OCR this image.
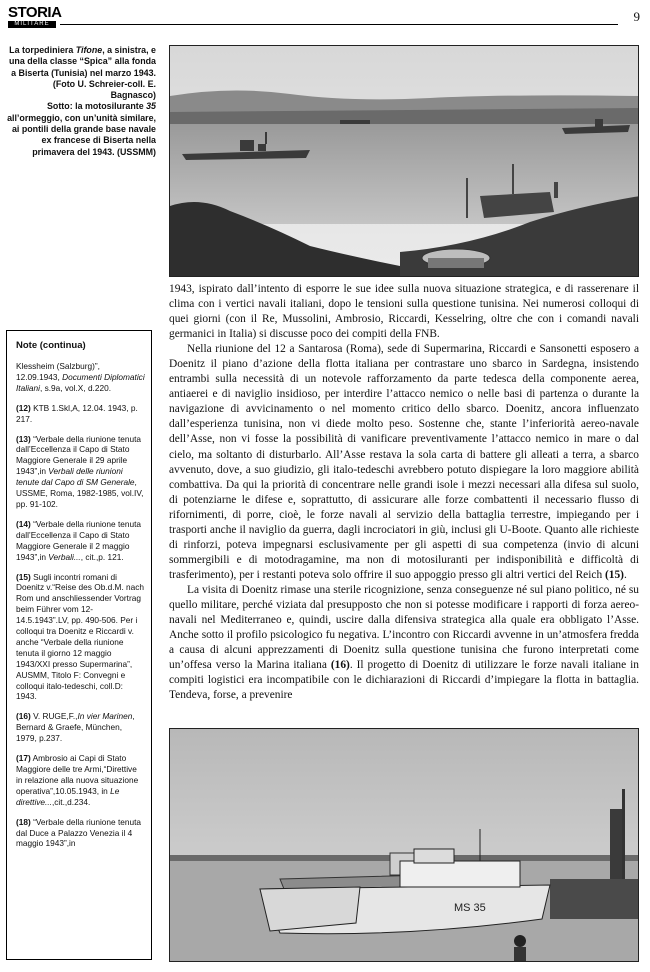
STORIA
MILITARE	9
La torpediniera Tifone, a sinistra, e una della classe “Spica” alla fonda a Biserta (Tunisia) nel marzo 1943. (Foto U. Schreier-coll. E. Bagnasco)
Sotto: la motosilurante 35 all’ormeggio, con un’unità similare, ai pontili della grande base navale ex francese di Biserta nella primavera del 1943. (USSMM)
Note (continua)
Klessheim (Salzburg)”, 12.09.1943, Documenti Diplomatici Italiani, s.9a, vol.X, d.220.
(12) KTB 1.Skl,A, 12.04. 1943, p. 217.
(13) “Verbale della riunione tenuta dall’Eccellenza il Capo di Stato Maggiore Generale il 29 aprile 1943”,in Verbali delle riunioni tenute dal Capo di SM Generale, USSME, Roma, 1982-1985, vol.IV, pp. 91-102.
(14) “Verbale della riunione tenuta dall’Eccellenza il Capo di Stato Maggiore Generale il 2 maggio 1943”,in Verbali..., cit.,p. 121.
(15) Sugli incontri romani di Doenitz v.“Reise des Ob.d.M. nach Rom und anschliessender Vortrag beim Führer vom 12-14.5.1943”.LV, pp. 490-506. Per i colloqui tra Doenitz e Riccardi v. anche “Verbale della riunione tenuta il giorno 12 maggio 1943/XXI presso Supermarina”, AUSMM, Titolo F: Convegni e colloqui italo-tedeschi, coll.D: 1943.
(16) V. RUGE,F.,In vier Marinen, Bernard & Graefe, München, 1979, p.237.
(17) Ambrosio ai Capi di Stato Maggiore delle tre Armi,“Direttive in relazione alla nuova situazione operativa”,10.05.1943, in Le direttive...,cit.,d.234.
(18) “Verbale della riunione tenuta dal Duce a Palazzo Venezia il 4 maggio 1943”,in

1943, ispirato dall’intento di esporre le sue idee sulla nuova situazione strategica, e di rasserenare il clima con i vertici navali italiani, dopo le tensioni sulla questione tunisina. Nei numerosi colloqui di quei giorni (con il Re, Mussolini, Ambrosio, Riccardi, Kesselring, oltre che con i comandi navali germanici in Italia) si discusse poco dei compiti della FNB.

Nella riunione del 12 a Santarosa (Roma), sede di Supermarina, Riccardi e Sansonetti esposero a Doenitz il piano d’azione della flotta italiana per contrastare uno sbarco in Sardegna, insistendo entrambi sulla necessità di un notevole rafforzamento da parte tedesca della componente aerea, antiaerei e di naviglio insidioso, per interdire l’attacco nemico o nelle basi di partenza o durante la navigazione di avvicinamento o nel momento critico dello sbarco. Doenitz, ancora influenzato dall’esperienza tunisina, non vi diede molto peso. Sostenne che, stante l’inferiorità aereo-navale dell’Asse, non vi fosse la possibilità di vanificare preventivamente l’attacco nemico in mare o dal cielo, ma soltanto di disturbarlo. All’Asse restava la sola carta di battere gli alleati a terra, a sbarco avvenuto, dove, a suo giudizio, gli italo-tedeschi avrebbero potuto dispiegare la loro maggiore abilità combattiva. Da qui la priorità di concentrare nelle grandi isole i mezzi necessari alla difesa sul suolo, di potenziarne le difese e, soprattutto, di assicurare alle forze combattenti il necessario flusso di rifornimenti, di porre, cioè, le forze navali al servizio della battaglia terrestre, impiegando per i trasporti anche il naviglio da guerra, dagli incrociatori in giù, inclusi gli U-Boote. Quanto alle richieste di rinforzi, poteva impegnarsi esclusivamente per gli aspetti di sua competenza (invio di alcuni sommergibili e di motodragamine, ma non di motosiluranti per indisponibilità e difficoltà di trasferimento), per i restanti poteva solo offrire il suo appoggio presso gli altri vertici del Reich (15).

La visita di Doenitz rimase una sterile ricognizione, senza conseguenze né sul piano politico, né su quello militare, perché viziata dal presupposto che non si potesse modificare i rapporti di forza aereo-navali nel Mediterraneo e, quindi, uscire dalla difensiva strategica alla quale era obbligato l’Asse. Anche sotto il profilo psicologico fu negativa. L’incontro con Riccardi avvenne in un’atmosfera fredda a causa di alcuni apprezzamenti di Doenitz sulla questione tunisina che furono interpretati come un’offesa verso la Marina italiana (16). Il progetto di Doenitz di utilizzare le forze navali italiane in compiti logistici era incompatibile con le dichiarazioni di Riccardi d’impiegare la flotta in battaglia. Tendeva, forse, a prevenire

MS 35
